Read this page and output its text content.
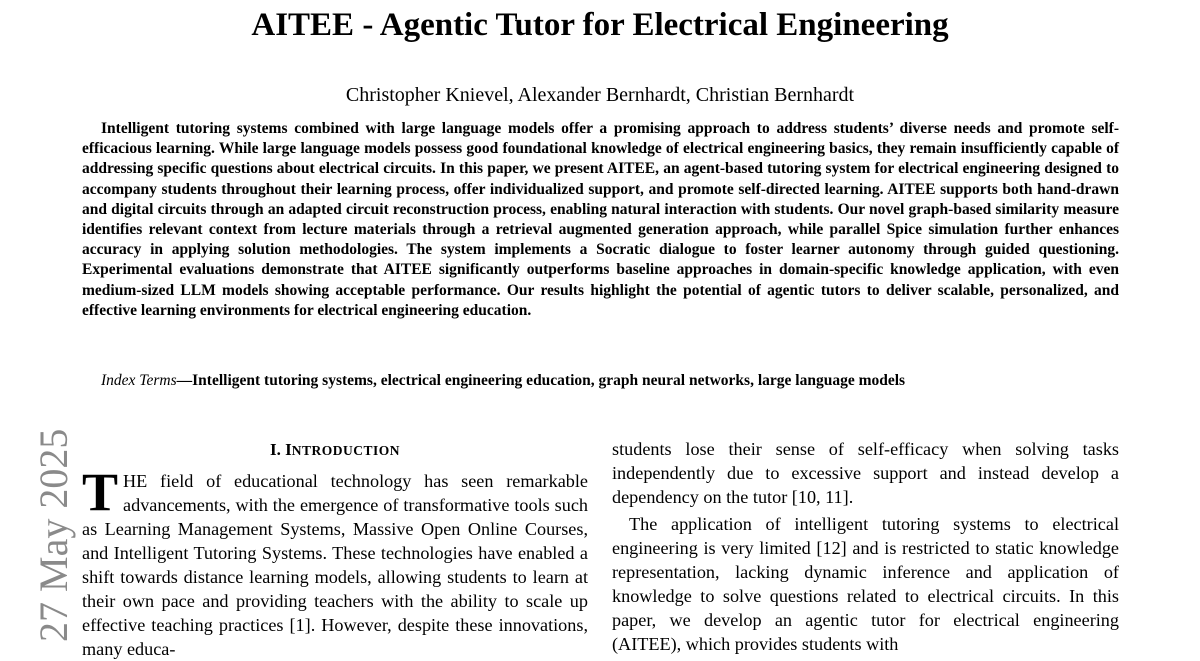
AITEE - Agentic Tutor for Electrical Engineering
Christopher Knievel, Alexander Bernhardt, Christian Bernhardt

Intelligent tutoring systems combined with large language models offer a promising approach to address students’ diverse needs and promote self-efficacious learning. While large language models possess good foundational knowledge of electrical engineering basics, they remain insufficiently capable of addressing specific questions about electrical circuits. In this paper, we present AITEE, an agent-based tutoring system for electrical engineering designed to accompany students throughout their learning process, offer individualized support, and promote self-directed learning. AITEE supports both hand-drawn and digital circuits through an adapted circuit reconstruction process, enabling natural interaction with students. Our novel graph-based similarity measure identifies relevant context from lecture materials through a retrieval augmented generation approach, while parallel Spice simulation further enhances accuracy in applying solution methodologies. The system implements a Socratic dialogue to foster learner autonomy through guided questioning. Experimental evaluations demonstrate that AITEE significantly outperforms baseline approaches in domain-specific knowledge application, with even medium-sized LLM models showing acceptable performance. Our results highlight the potential of agentic tutors to deliver scalable, personalized, and effective learning environments for electrical engineering education.

Index Terms—Intelligent tutoring systems, electrical engineering education, graph neural networks, large language models

27 May 2025	I. INTRODUCTION

THE field of educational technology has seen remarkable advancements, with the emergence of transformative tools such as Learning Management Systems, Massive Open Online Courses, and Intelligent Tutoring Systems. These technologies have enabled a shift towards distance learning models, allowing students to learn at their own pace and providing teachers with the ability to scale up effective teaching practices [1]. However, despite these innovations, many educa-

students lose their sense of self-efficacy when solving tasks independently due to excessive support and instead develop a dependency on the tutor [10, 11].

The application of intelligent tutoring systems to electrical engineering is very limited [12] and is restricted to static knowledge representation, lacking dynamic inference and application of knowledge to solve questions related to electrical circuits. In this paper, we develop an agentic tutor for electrical engineering (AITEE), which provides students with
